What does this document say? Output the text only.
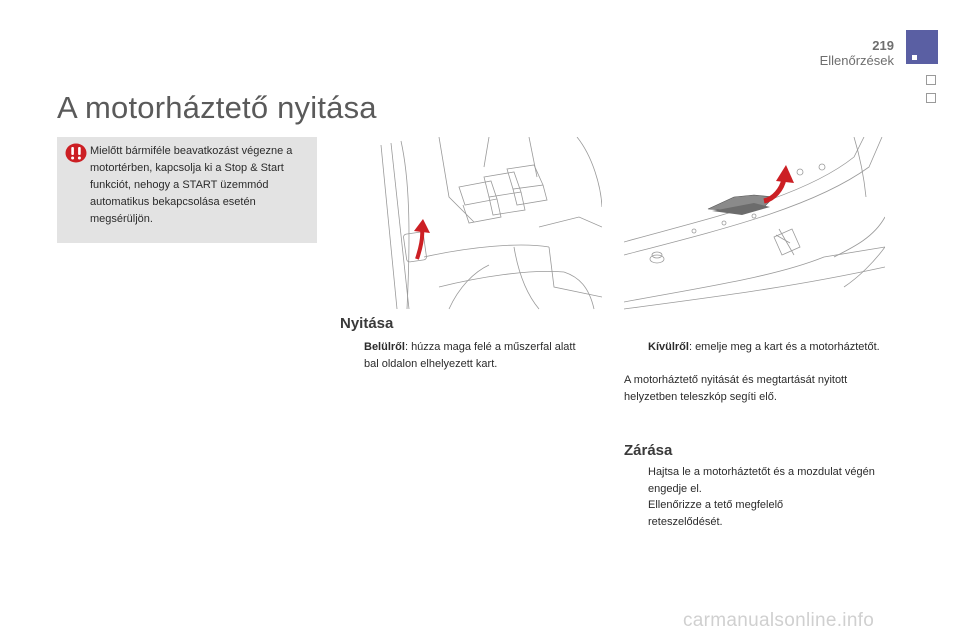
219
Ellenőrzések
A motorháztető nyitása

Mielőtt bármiféle beavatkozást végezne a motortérben, kapcsolja ki a Stop & Start funkciót, nehogy a START üzemmód automatikus bekapcsolása esetén megsérüljön.

Nyitása
Belülről: húzza maga felé a műszerfal alatt bal oldalon elhelyezett kart.
Kívülről: emelje meg a kart és a motorháztetőt.

A motorháztető nyitását és megtartását nyitott helyzetben teleszkóp segíti elő.

Zárása
Hajtsa le a motorháztetőt és a mozdulat végén engedje el.
Ellenőrizze a tető megfelelő reteszelődését.
carmanualsonline.info
